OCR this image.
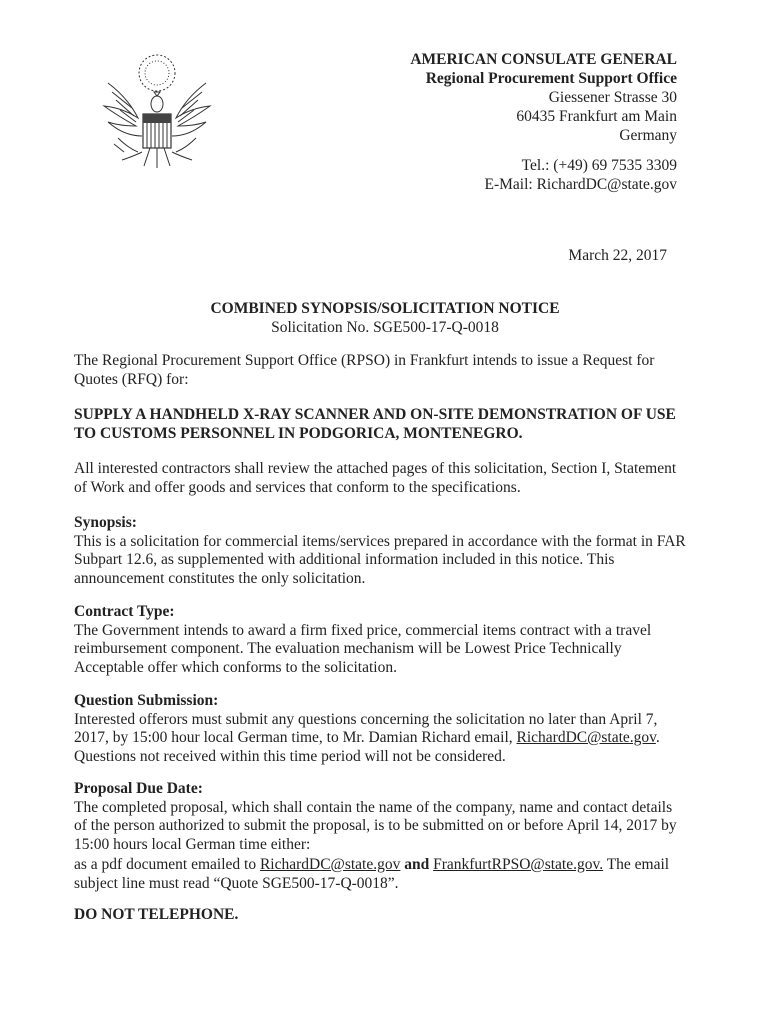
AMERICAN CONSULATE GENERAL
Regional Procurement Support Office
Giessener Strasse 30
60435 Frankfurt am Main
Germany
Tel.: (+49) 69 7535 3309
E-Mail: RichardDC@state.gov
March 22, 2017
COMBINED SYNOPSIS/SOLICITATION NOTICE
Solicitation No. SGE500-17-Q-0018

The Regional Procurement Support Office (RPSO) in Frankfurt intends to issue a Request for Quotes (RFQ) for:

SUPPLY A HANDHELD X-RAY SCANNER AND ON-SITE DEMONSTRATION OF USE TO CUSTOMS PERSONNEL IN PODGORICA, MONTENEGRO.

All interested contractors shall review the attached pages of this solicitation, Section I, Statement of Work and offer goods and services that conform to the specifications.

Synopsis:

This is a solicitation for commercial items/services prepared in accordance with the format in FAR Subpart 12.6, as supplemented with additional information included in this notice. This announcement constitutes the only solicitation.

Contract Type:

The Government intends to award a firm fixed price, commercial items contract with a travel reimbursement component. The evaluation mechanism will be Lowest Price Technically Acceptable offer which conforms to the solicitation.

Question Submission:

Interested offerors must submit any questions concerning the solicitation no later than April 7, 2017, by 15:00 hour local German time, to Mr. Damian Richard email, RichardDC@state.gov. Questions not received within this time period will not be considered.

Proposal Due Date:

The completed proposal, which shall contain the name of the company, name and contact details of the person authorized to submit the proposal, is to be submitted on or before April 14, 2017 by 15:00 hours local German time either:

as a pdf document emailed to RichardDC@state.gov and FrankfurtRPSO@state.gov. The email subject line must read “Quote SGE500-17-Q-0018”.

DO NOT TELEPHONE.
